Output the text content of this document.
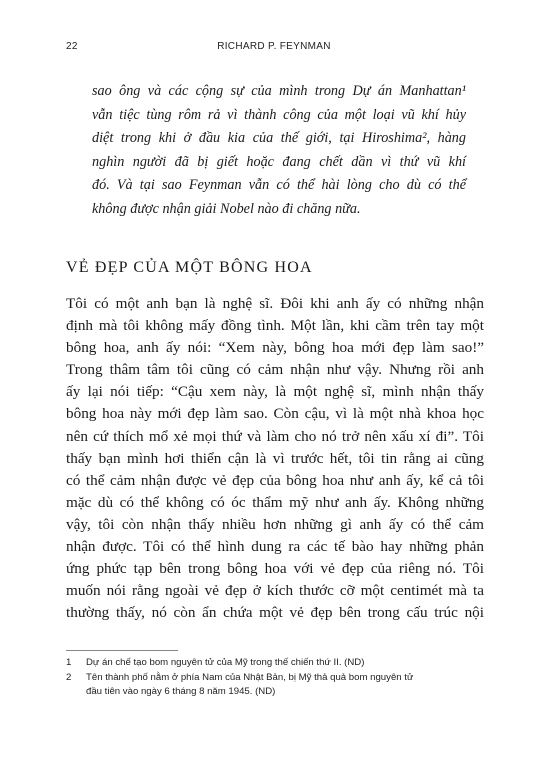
22	RICHARD P. FEYNMAN

sao ông và các cộng sự của mình trong Dự án Manhattan¹
vẫn tiệc tùng rôm rả vì thành công của một loại vũ khí hủy
diệt trong khi ở đầu kia của thế giới, tại Hiroshima², hàng
nghìn người đã bị giết hoặc đang chết dần vì thứ vũ khí
đó. Và tại sao Feynman vẫn có thể hài lòng cho dù có thể
không được nhận giải Nobel nào đi chăng nữa.

VẺ ĐẸP CỦA MỘT BÔNG HOA
Tôi có một anh bạn là nghệ sĩ. Đôi khi anh ấy có những nhận
định mà tôi không mấy đồng tình. Một lần, khi cầm trên tay một
bông hoa, anh ấy nói: “Xem này, bông hoa mới đẹp làm sao!”
Trong thâm tâm tôi cũng có cảm nhận như vậy. Nhưng rồi anh
ấy lại nói tiếp: “Cậu xem này, là một nghệ sĩ, mình nhận thấy
bông hoa này mới đẹp làm sao. Còn cậu, vì là một nhà khoa học
nên cứ thích mổ xẻ mọi thứ và làm cho nó trở nên xấu xí đi”. Tôi
thấy bạn mình hơi thiển cận là vì trước hết, tôi tin rằng ai cũng
có thể cảm nhận được vẻ đẹp của bông hoa như anh ấy, kể cả tôi
mặc dù có thể không có óc thẩm mỹ như anh ấy. Không những
vậy, tôi còn nhận thấy nhiều hơn những gì anh ấy có thể cảm
nhận được. Tôi có thể hình dung ra các tế bào hay những phản
ứng phức tạp bên trong bông hoa với vẻ đẹp của riêng nó. Tôi
muốn nói rằng ngoài vẻ đẹp ở kích thước cỡ một centimét mà ta
thường thấy, nó còn ẩn chứa một vẻ đẹp bên trong cấu trúc nội
1 Dự án chế tạo bom nguyên tử của Mỹ trong thế chiến thứ II. (ND)
2 Tên thành phố nằm ở phía Nam của Nhật Bản, bị Mỹ thả quả bom nguyên tử
đầu tiên vào ngày 6 tháng 8 năm 1945. (ND)
